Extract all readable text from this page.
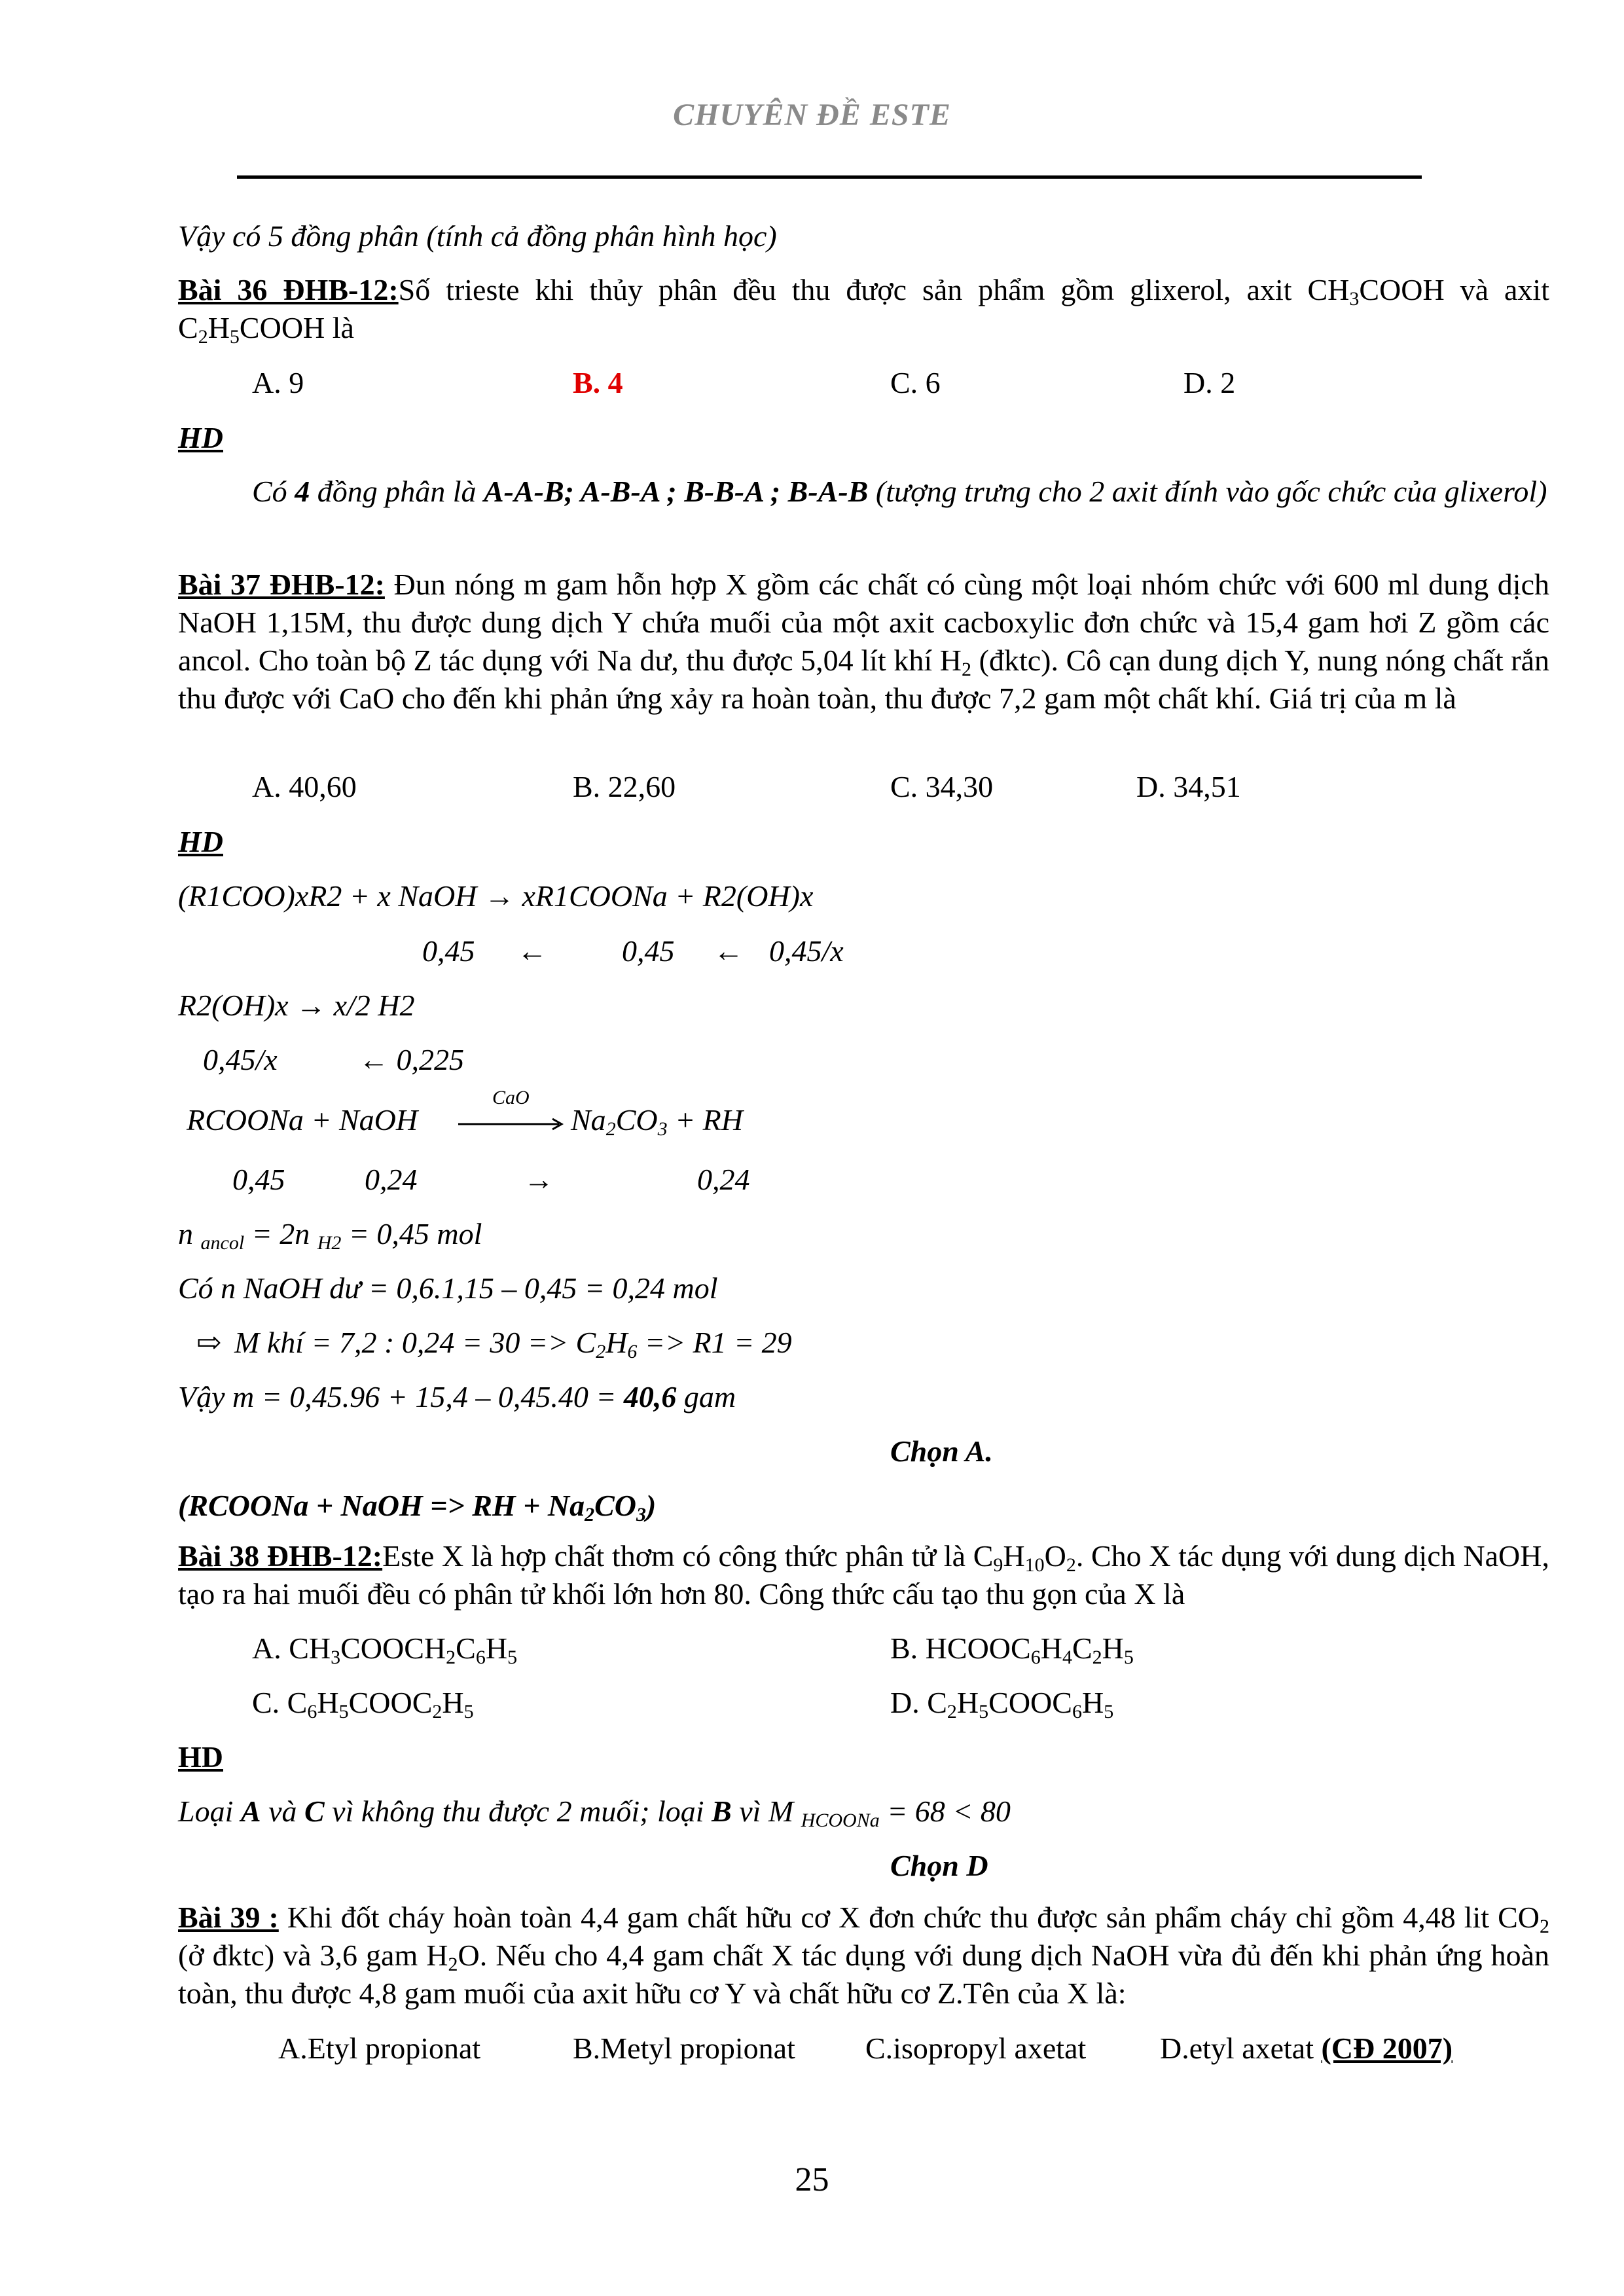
CHUYÊN ĐỀ ESTE
Vậy có 5 đồng phân (tính cả đồng phân hình học)
Bài 36 ĐHB-12:Số trieste khi thủy phân đều thu được sản phẩm gồm glixerol, axit $CH_3COOH$ và axit $C_2H_5COOH$ là
A. 9	B. 4	C. 6	D. 2
HD
Có 4 đồng phân là A-A-B; A-B-A ; B-B-A ; B-A-B (tượng trưng cho 2 axit đính vào gốc chức của glixerol)
Bài 37 ĐHB-12: Đun nóng m gam hỗn hợp X gồm các chất có cùng một loại nhóm chức với 600 ml dung dịch NaOH 1,15M, thu được dung dịch Y chứa muối của một axit cacboxylic đơn chức và 15,4 gam hơi Z gồm các ancol. Cho toàn bộ Z tác dụng với Na dư, thu được 5,04 lít khí $H_2$ (đktc). Cô cạn dung dịch Y, nung nóng chất rắn thu được với CaO cho đến khi phản ứng xảy ra hoàn toàn, thu được 7,2 gam một chất khí. Giá trị của m là
A. 40,60	B. 22,60	C. 34,30	D. 34,51
HD
(R1COO)xR2 + x NaOH → xR1COONa + R2(OH)x
0,45 ← 0,45 ← 0,45/x
R2(OH)x → x/2 H2
0,45/x	← 0,225
RCOONa + NaOH
CaO
$Na_2CO_3$ + RH
0,45	0,24	→	0,24
n $_{ancol}$ = 2n $_{H2}$ = 0,45 mol
Có n NaOH dư = 0,6.1,15 – 0,45 = 0,24 mol
⇨ M khí = 7,2 : $0,24 = 30 => C_2H_6 => R1 = 29$
Vậy m = 0,45.96 + 15,4 – 0,45.40 = 40,6 gam
Chọn A.
(RCOONa + NaOH => RH + $Na_2CO_3$)
Bài 38 ĐHB-12:Este X là hợp chất thơm có công thức phân tử là $C_9H_{10}O_2$. Cho X tác dụng với dung dịch NaOH, tạo ra hai muối đều có phân tử khối lớn hơn 80. Công thức cấu tạo thu gọn của X là
A. $CH_3COOCH_2C_6H_5$	B. $HCOOC_6H_4C_2H_5$
C. $C_6H_5COOC_2H_5$	D. $C_2H_5COOC_6H_5$
HD
Loại A và C vì không thu được 2 muối; loại B vì M $_{HCOONa}$ = 68 < 80
Chọn D
Bài 39 : Khi đốt cháy hoàn toàn 4,4 gam chất hữu cơ X đơn chức thu được sản phẩm cháy chỉ gồm 4,48 lit $CO_2$ (ở đktc) và 3,6 gam $H_2O$. Nếu cho 4,4 gam chất X tác dụng với dung dịch NaOH vừa đủ đến khi phản ứng hoàn toàn, thu được 4,8 gam muối của axit hữu cơ Y và chất hữu cơ Z.Tên của X là:
A.Etyl propionat	B.Metyl propionat C.isopropyl axetat D.etyl axetat (CĐ 2007)
25
